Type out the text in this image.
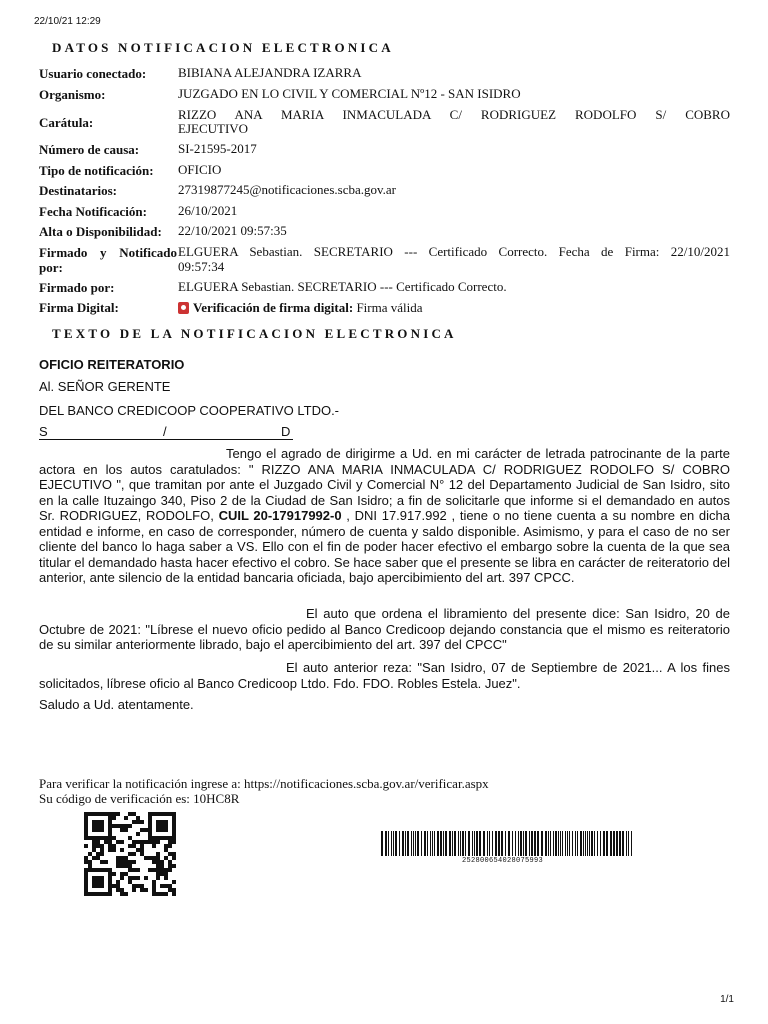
22/10/21 12:29
DATOS NOTIFICACION ELECTRONICA
Usuario conectado: BIBIANA ALEJANDRA IZARRA
Organismo:	JUZGADO EN LO CIVIL Y COMERCIAL Nº12 - SAN ISIDRO
Carátula:
RIZZO ANA MARIA INMACULADA C/ RODRIGUEZ RODOLFO S/ COBRO
EJECUTIVO
Número de causa:	SI-21595-2017
Tipo de notificación: OFICIO
Destinatarios:	27319877245@notificaciones.scba.gov.ar
Fecha Notificación: 26/10/2021
Alta o Disponibilidad: 22/10/2021 09:57:35
Firmado y Notificado
por:
ELGUERA Sebastian. SECRETARIO --- Certificado Correcto. Fecha de Firma: 22/10/2021
09:57:34
Firmado por:	ELGUERA Sebastian. SECRETARIO --- Certificado Correcto.
Firma Digital:	Verificación de firma digital: Firma válida
TEXTO DE LA NOTIFICACION ELECTRONICA
OFICIO REITERATORIO
Al. SEÑOR GERENTE
DEL BANCO CREDICOOP COOPERATIVO LTDO.-
S	/	D
Tengo el agrado de dirigirme a Ud. en mi carácter de letrada patrocinante de la parte actora en los autos caratulados: " RIZZO ANA MARIA INMACULADA C/ RODRIGUEZ RODOLFO S/ COBRO EJECUTIVO ", que tramitan por ante el Juzgado Civil y Comercial N° 12 del Departamento Judicial de San Isidro, sito en la calle Ituzaingo 340, Piso 2 de la Ciudad de San Isidro; a fin de solicitarle que informe si el demandado en autos Sr. RODRIGUEZ, RODOLFO, CUIL 20-17917992-0 , DNI 17.917.992 , tiene o no tiene cuenta a su nombre en dicha entidad e informe, en caso de corresponder, número de cuenta y saldo disponible. Asimismo, y para el caso de no ser cliente del banco lo haga saber a VS. Ello con el fin de poder hacer efectivo el embargo sobre la cuenta de la que sea titular el demandado hasta hacer efectivo el cobro. Se hace saber que el presente se libra en carácter de reiteratorio del anterior, ante silencio de la entidad bancaria oficiada, bajo apercibimiento del art. 397 CPCC.
El auto que ordena el libramiento del presente dice: San Isidro, 20 de Octubre de 2021: "Líbrese el nuevo oficio pedido al Banco Credicoop dejando constancia que el mismo es reiteratorio de su similar anteriormente librado, bajo el apercibimiento del art. 397 del CPCC"
El auto anterior reza: "San Isidro, 07 de Septiembre de 2021... A los fines solicitados, líbrese oficio al Banco Credicoop Ltdo. Fdo. FDO. Robles Estela. Juez".
Saludo a Ud. atentamente.
Para verificar la notificación ingrese a: https://notificaciones.scba.gov.ar/verificar.aspx
Su código de verificación es: 10HC8R
252800654028075993
1/1
